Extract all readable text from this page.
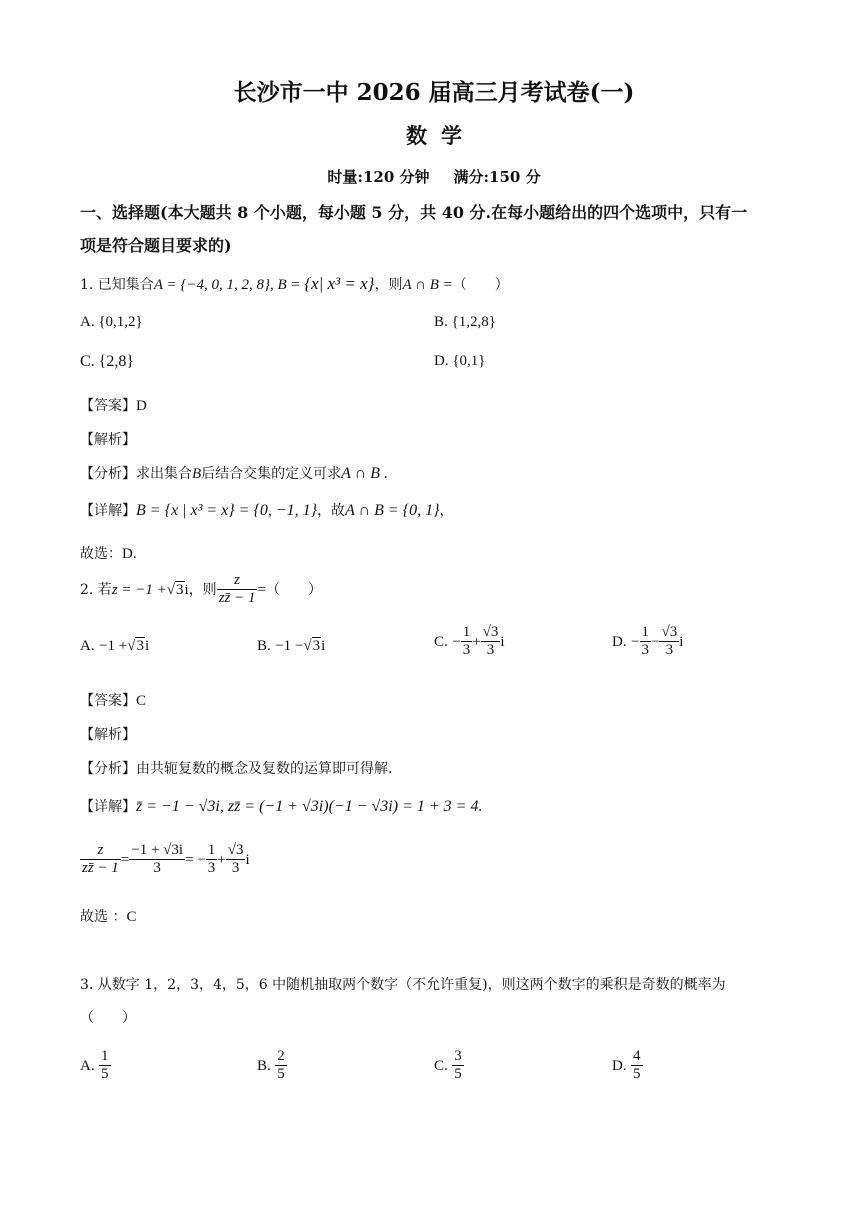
长沙市一中 2026 届高三月考试卷(一)
数学
时量:120 分钟 满分:150 分
一、选择题(本大题共 8 个小题，每小题 5 分，共 40 分.在每小题给出的四个选项中，只有一
项是符合题目要求的)
1. 已知集合A = {−4, 0, 1, 2, 8}, B = {x| x³ = x}，则A ∩ B =（　　）
A. {0,1,2}	B. {1,2,8}
C. {2,8}	D. {0,1}
【答案】D
【解析】
【分析】求出集合B后结合交集的定义可求A ∩ B .
【详解】B = {x | x³ = x} = {0, −1, 1}，故A ∩ B = {0, 1}，
故选：D.
2. 若z = −1 +√3i，则 $\frac{z}{zz̄ - 1}$ =（　　）
A. −1 +√3i	B. −1 −√3i	C. − $\frac{1}{3} + \frac{√3}{3}$ i	D. − $\frac{1}{3} - \frac{√3}{3}$ i
【答案】C
【解析】
【分析】由共轭复数的概念及复数的运算即可得解.
【详解】z̄ = −1 − √3i, zz̄ = (−1 + √3i)(−1 − √3i) = 1 + 3 = 4.
$\frac{z}{zz̄ - 1} = \frac{-1 + √3i}{3}$ = − $\frac{1}{3} + \frac{√3}{3}$ i
故选 ：C
3. 从数字 1，2，3，4，5，6 中随机抽取两个数字（不允许重复)，则这两个数字的乘积是奇数的概率为
（　　）
A. $\frac{1}{5}$	B. $\frac{2}{5}$	C. $\frac{3}{5}$	D. $\frac{4}{5}$
